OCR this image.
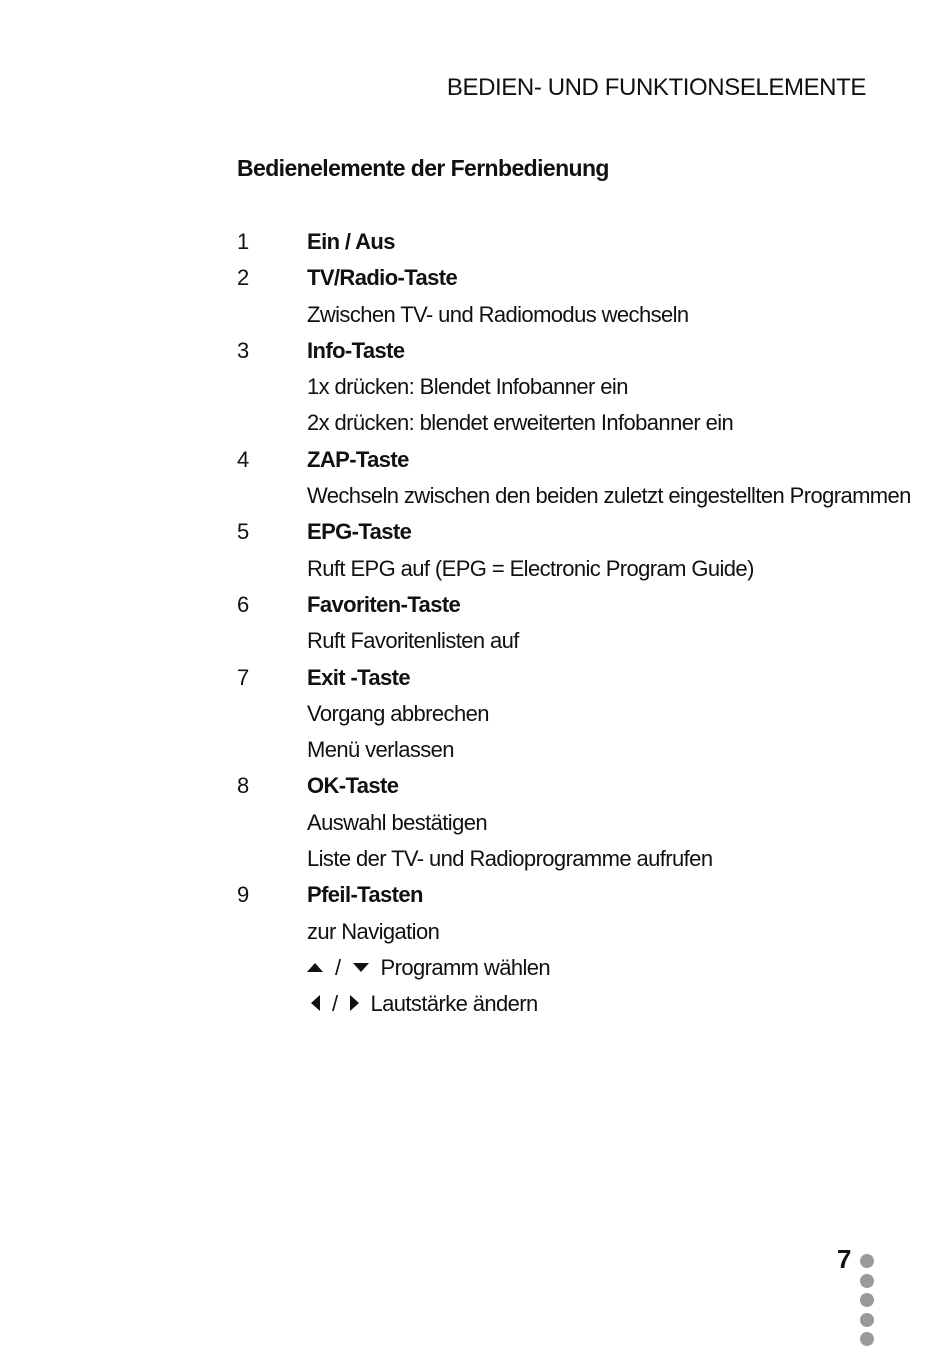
BEDIEN- UND FUNKTIONSELEMENTE
Bedienelemente der Fernbedienung
1	Ein / Aus
2	TV/Radio-Taste
Zwischen TV- und Radiomodus wechseln
3	Info-Taste
1x drücken: Blendet Infobanner ein
2x drücken: blendet erweiterten Infobanner ein
4	ZAP-Taste
Wechseln zwischen den beiden zuletzt eingestellten Programmen
5	EPG-Taste
Ruft EPG auf (EPG = Electronic Program Guide)
6	Favoriten-Taste
Ruft Favoritenlisten auf
7	Exit -Taste
Vorgang abbrechen
Menü verlassen
8	OK-Taste
Auswahl bestätigen
Liste der TV- und Radioprogramme aufrufen
9	Pfeil-Tasten
zur Navigation
/ Programm wählen
/ Lautstärke ändern
7
